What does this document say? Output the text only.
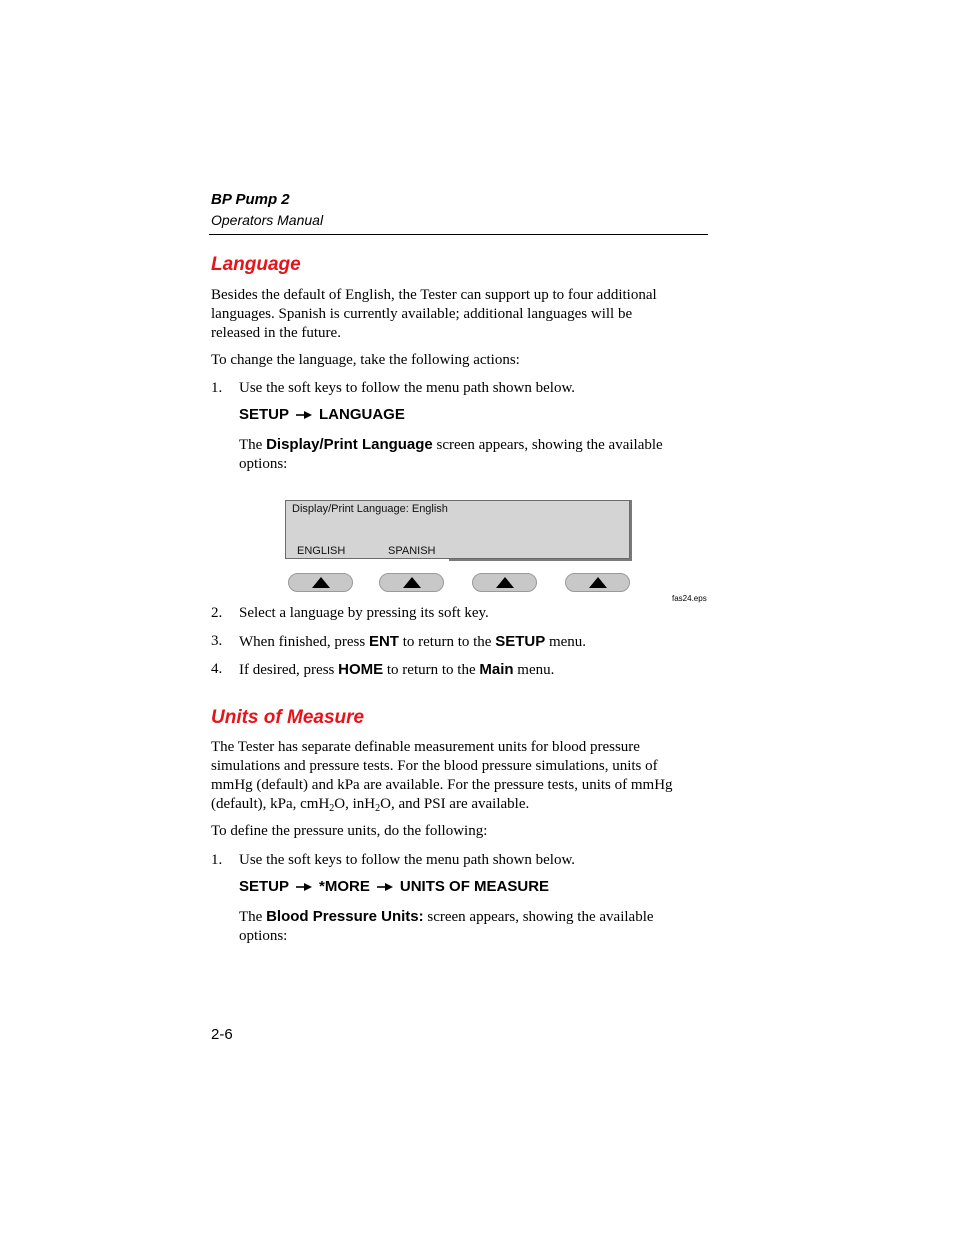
BP Pump 2
Operators Manual
Language
Besides the default of English, the Tester can support up to four additional
languages. Spanish is currently available; additional languages will be
released in the future.
To change the language, take the following actions:
1.	Use the soft keys to follow the menu path shown below.
SETUP LANGUAGE
The Display/Print Language screen appears, showing the available
options:
Display/Print Language: English
ENGLISH	SPANISH
fas24.eps
2.	Select a language by pressing its soft key.
3.	When finished, press ENT to return to the SETUP menu.
4.	If desired, press HOME to return to the Main menu.
Units of Measure
The Tester has separate definable measurement units for blood pressure
simulations and pressure tests. For the blood pressure simulations, units of
mmHg (default) and kPa are available. For the pressure tests, units of mmHg
(default), kPa, cmH$_2$O, inH$_2$O, and PSI are available.
To define the pressure units, do the following:
1.	Use the soft keys to follow the menu path shown below.
SETUP *MORE UNITS OF MEASURE
The Blood Pressure Units: screen appears, showing the available
options:
2-6
